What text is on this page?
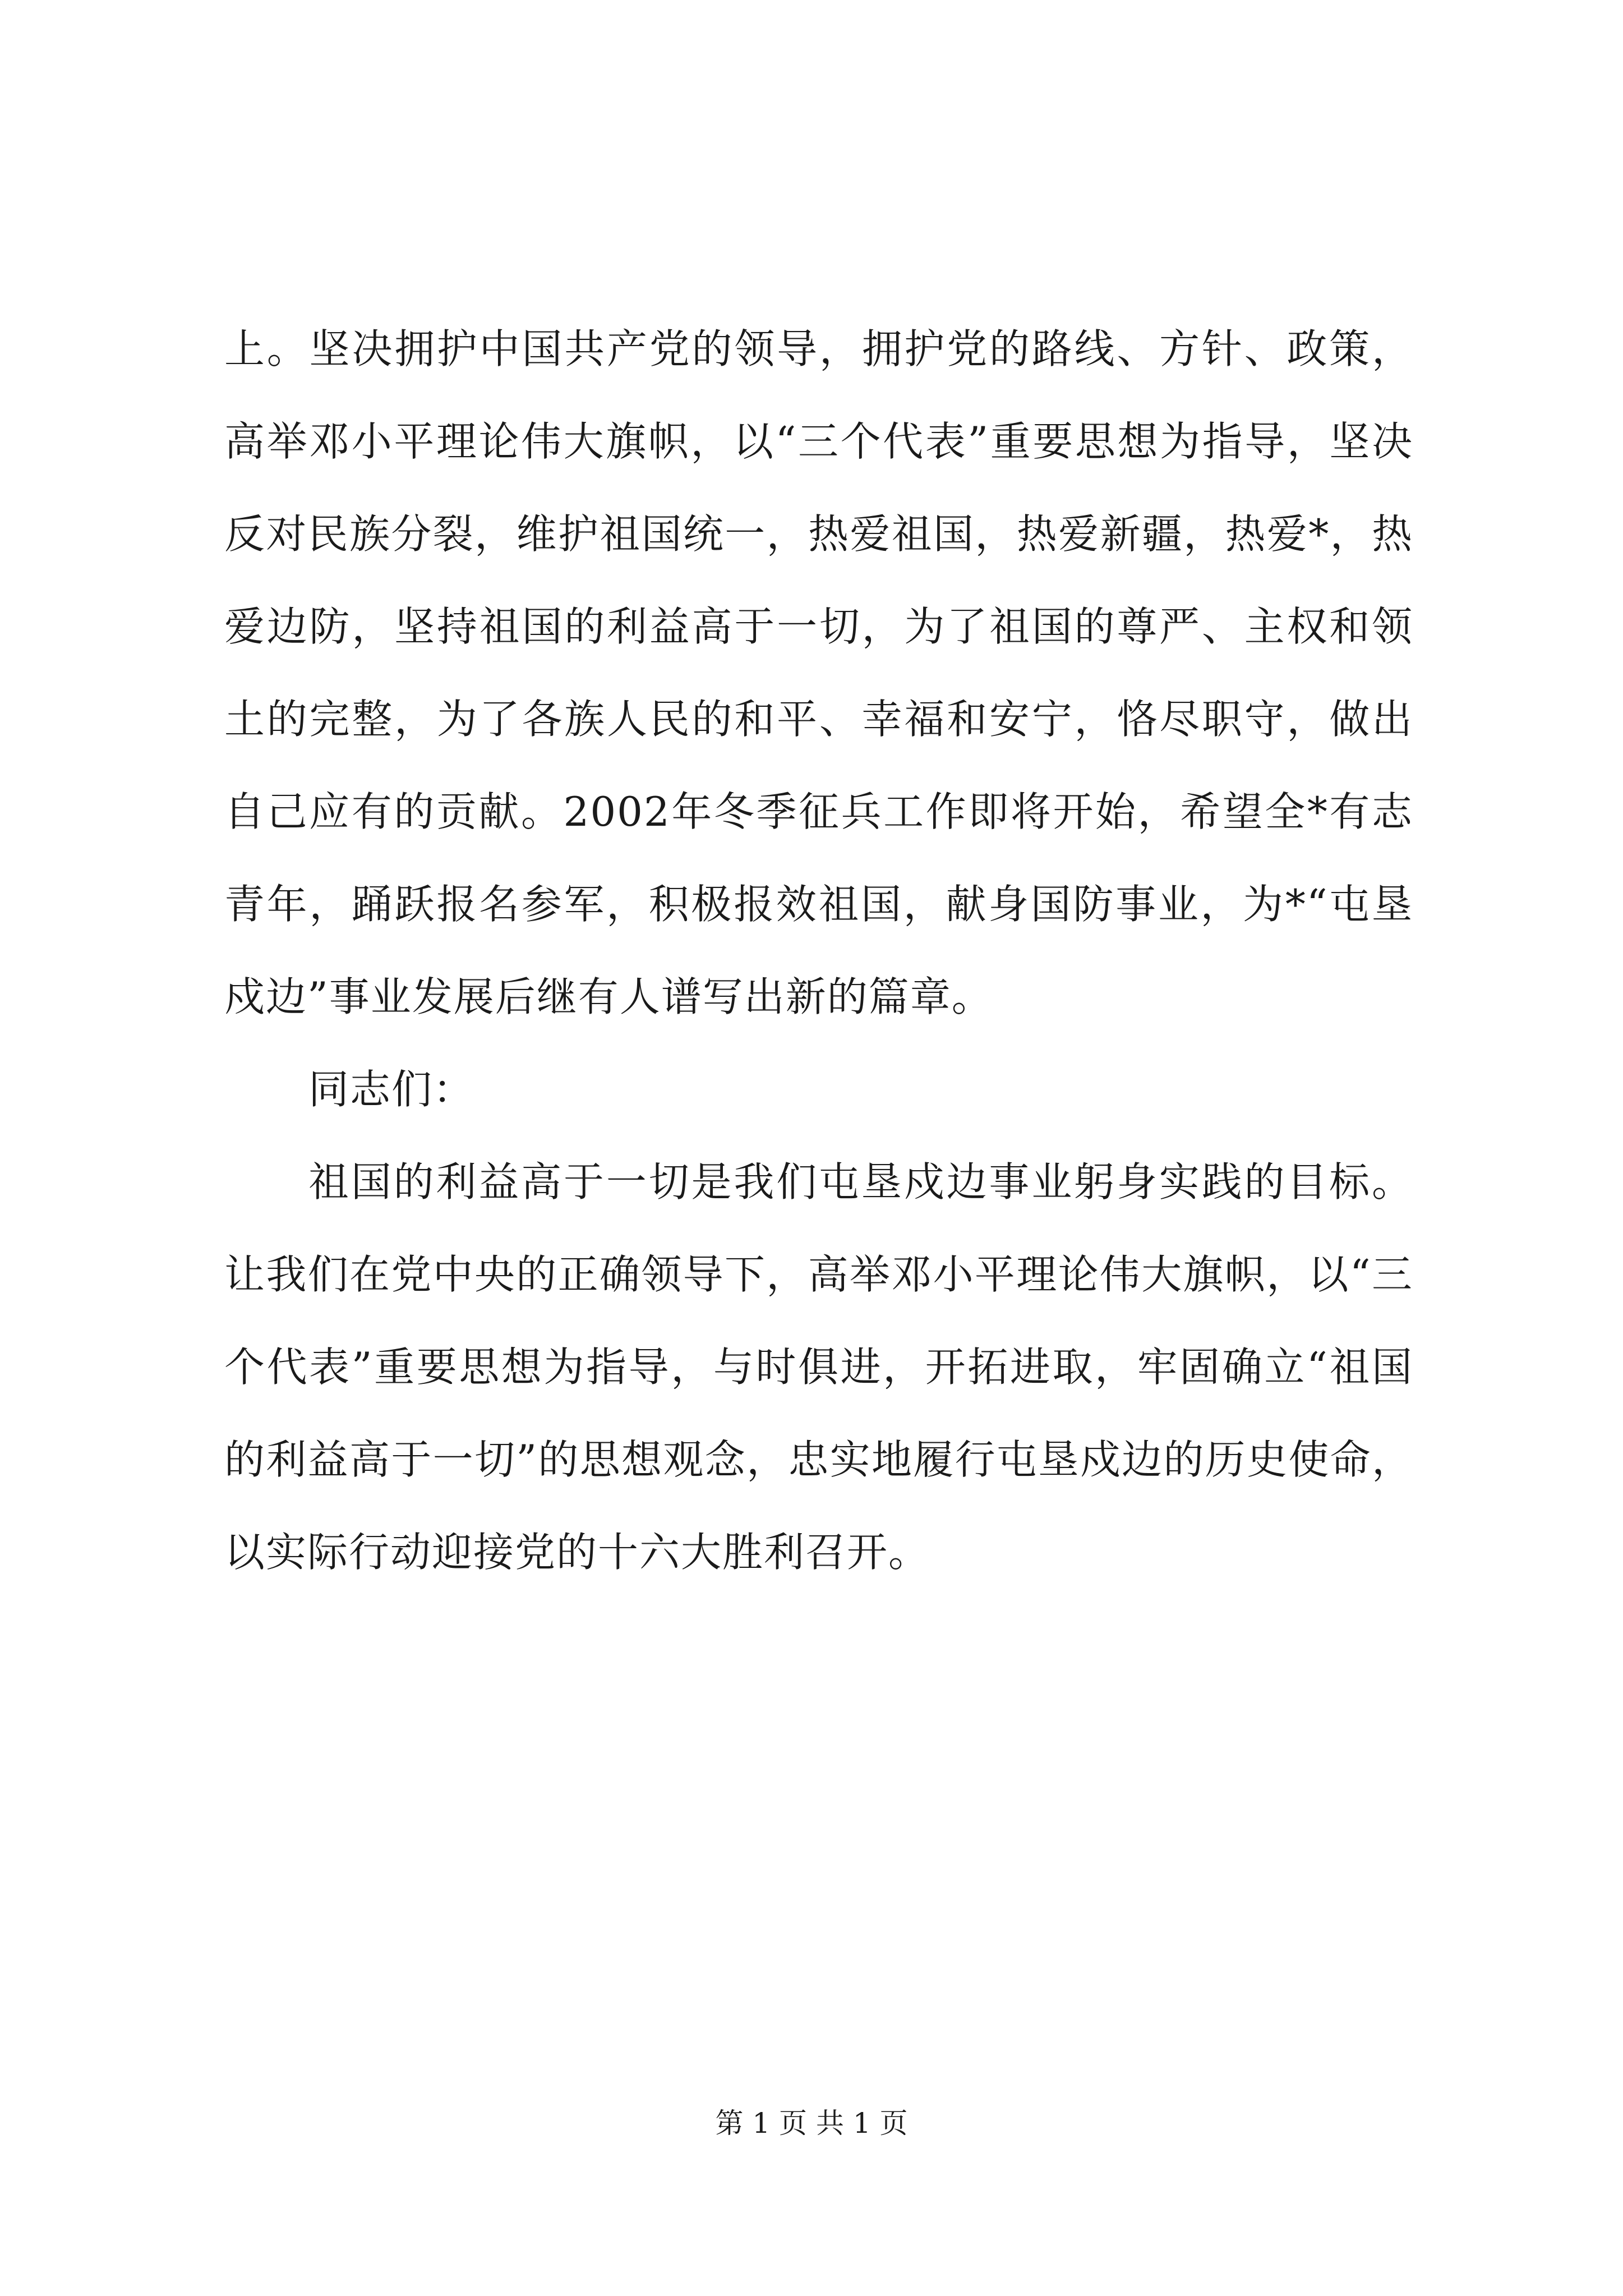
上。坚决拥护中国共产党的领导，拥护党的路线、方针、政策，高举邓小平理论伟大旗帜，以“三个代表”重要思想为指导，坚决反对民族分裂，维护祖国统一，热爱祖国，热爱新疆，热爱*，热爱边防，坚持祖国的利益高于一切，为了祖国的尊严、主权和领土的完整，为了各族人民的和平、幸福和安宁，恪尽职守，做出自己应有的贡献。2002年冬季征兵工作即将开始，希望全*有志青年，踊跃报名参军，积极报效祖国，献身国防事业，为*“屯垦戍边”事业发展后继有人谱写出新的篇章。

同志们：

祖国的利益高于一切是我们屯垦戍边事业躬身实践的目标。让我们在党中央的正确领导下，高举邓小平理论伟大旗帜，以“三个代表”重要思想为指导，与时俱进，开拓进取，牢固确立“祖国的利益高于一切”的思想观念，忠实地履行屯垦戍边的历史使命，以实际行动迎接党的十六大胜利召开。

第 1 页 共 1 页
